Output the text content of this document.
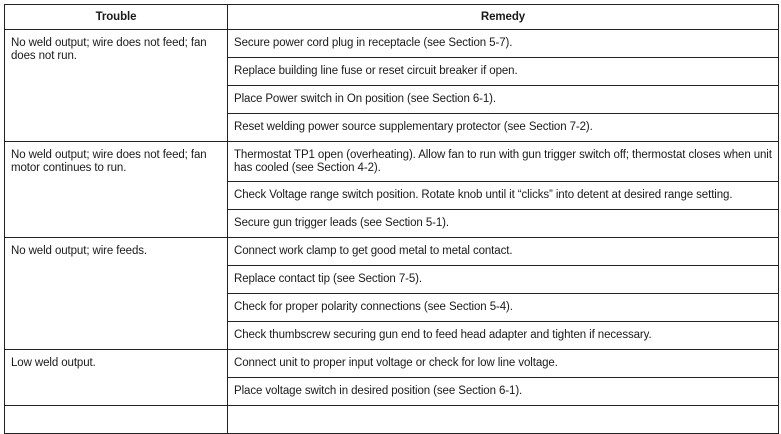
Trouble	Remedy
No weld output; wire does not feed; fan does not run.	Secure power cord plug in receptacle (see Section 5-7).
	Replace building line fuse or reset circuit breaker if open.
	Place Power switch in On position (see Section 6-1).
	Reset welding power source supplementary protector (see Section 7-2).
No weld output; wire does not feed; fan motor continues to run.	Thermostat TP1 open (overheating). Allow fan to run with gun trigger switch off; thermostat closes when unit has cooled (see Section 4-2).
	Check Voltage range switch position. Rotate knob until it “clicks” into detent at desired range setting.
	Secure gun trigger leads (see Section 5-1).
No weld output; wire feeds.	Connect work clamp to get good metal to metal contact.
	Replace contact tip (see Section 7-5).
	Check for proper polarity connections (see Section 5-4).
	Check thumbscrew securing gun end to feed head adapter and tighten if necessary.
Low weld output.	Connect unit to proper input voltage or check for low line voltage.
	Place voltage switch in desired position (see Section 6-1).
